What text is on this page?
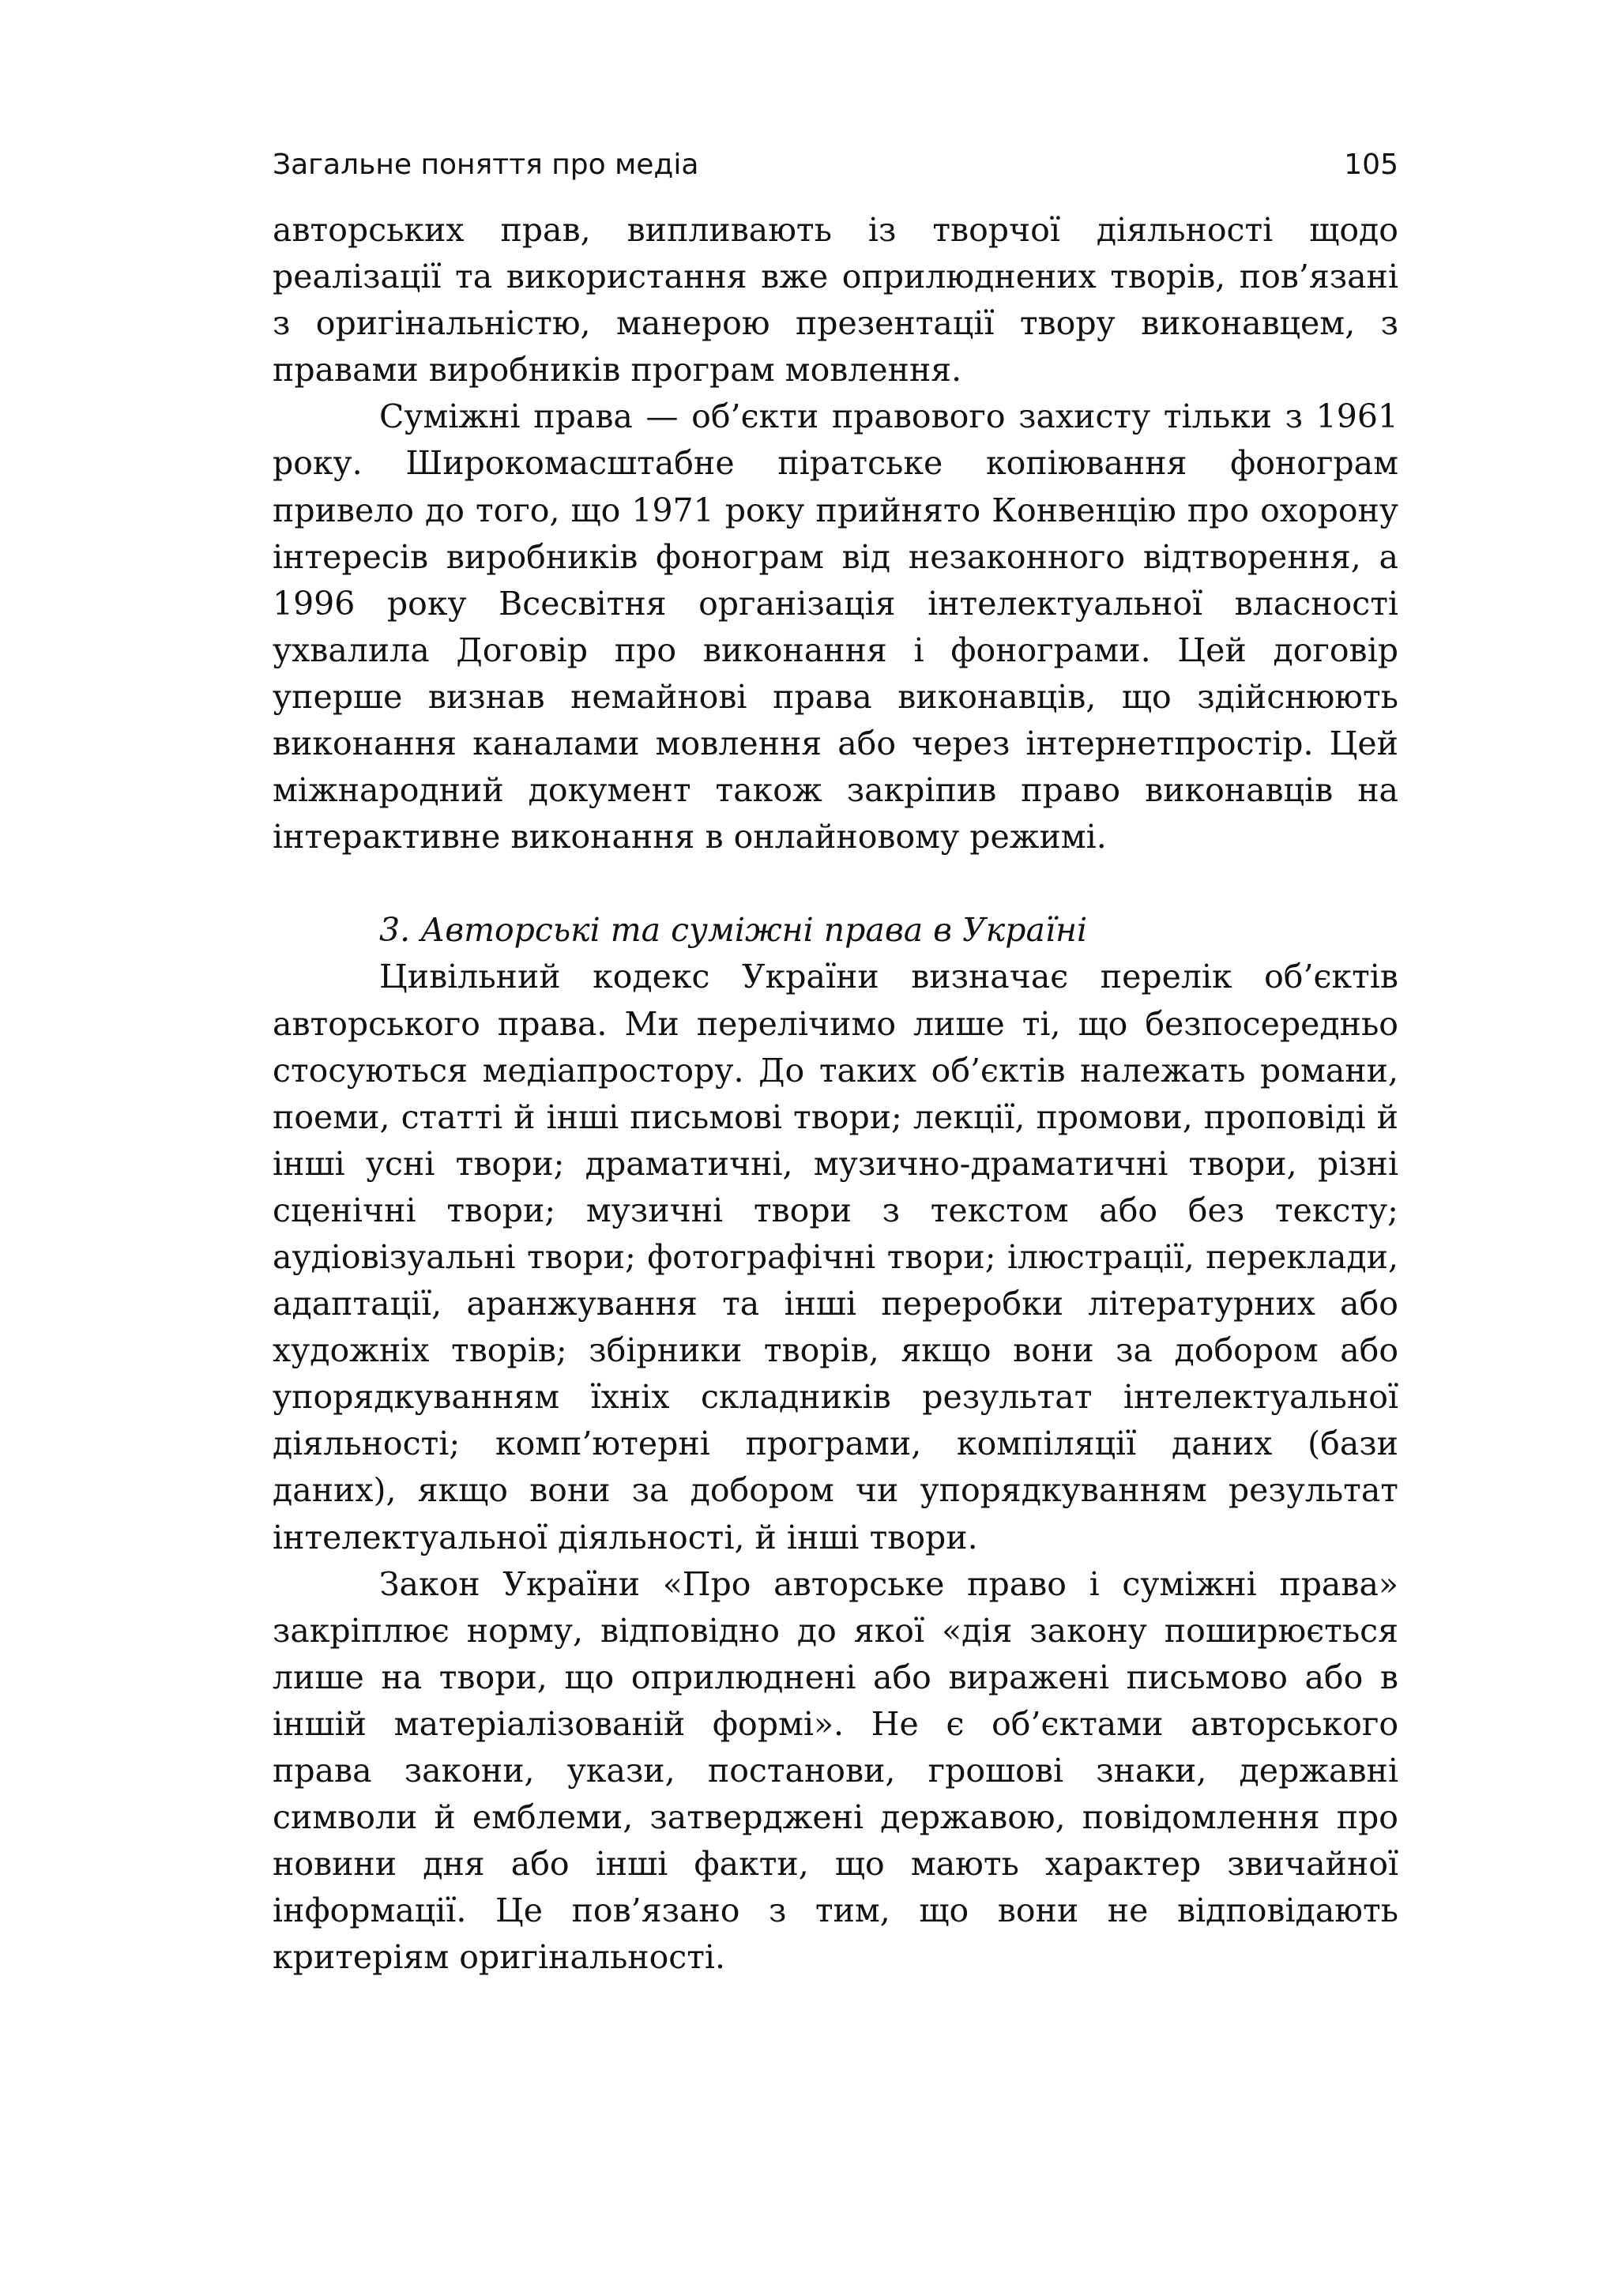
Загальне поняття про медіа	105

авторських прав, випливають із творчої діяльності щодо реалізації та використання вже оприлюднених творів, пов’язані з оригінальністю, манерою презентації твору виконавцем, з правами виробників програм мовлення.

Суміжні права — об’єкти правового захисту тільки з 1961 року. Широкомасштабне піратське копіювання фонограм привело до того, що 1971 року прийнято Конвенцію про охорону інтересів виробників фонограм від незаконного відтворення, а 1996 року Всесвітня організація інтелектуальної власності ухвалила Договір про виконання і фонограми. Цей договір уперше визнав немайнові права виконавців, що здійснюють виконання каналами мовлення або через інтернетпростір. Цей міжнародний документ також закріпив право виконавців на інтерактивне виконання в онлайновому режимі.

3. Авторські та суміжні права в Україні

Цивільний кодекс України визначає перелік об’єктів авторського права. Ми перелічимо лише ті, що безпосередньо стосуються медіапростору. До таких об’єктів належать романи, поеми, статті й інші письмові твори; лекції, промови, проповіді й інші усні твори; драматичні, музично-драматичні твори, різні сценічні твори; музичні твори з текстом або без тексту; аудіовізуальні твори; фотографічні твори; ілюстрації, переклади, адаптації, аранжування та інші переробки літературних або художніх творів; збірники творів, якщо вони за добором або упорядкуванням їхніх складників результат інтелектуальної діяльності; комп’ютерні програми, компіляції даних (бази даних), якщо вони за добором чи упорядкуванням результат інтелектуальної діяльності, й інші твори.

Закон України «Про авторське право і суміжні права» закріплює норму, відповідно до якої «дія закону поширюється лише на твори, що оприлюднені або виражені письмово або в іншій матеріалізованій формі». Не є об’єктами авторського права закони, укази, постанови, грошові знаки, державні символи й емблеми, затверджені державою, повідомлення про новини дня або інші факти, що мають характер звичайної інформації. Це пов’язано з тим, що вони не відповідають критеріям оригінальності.
